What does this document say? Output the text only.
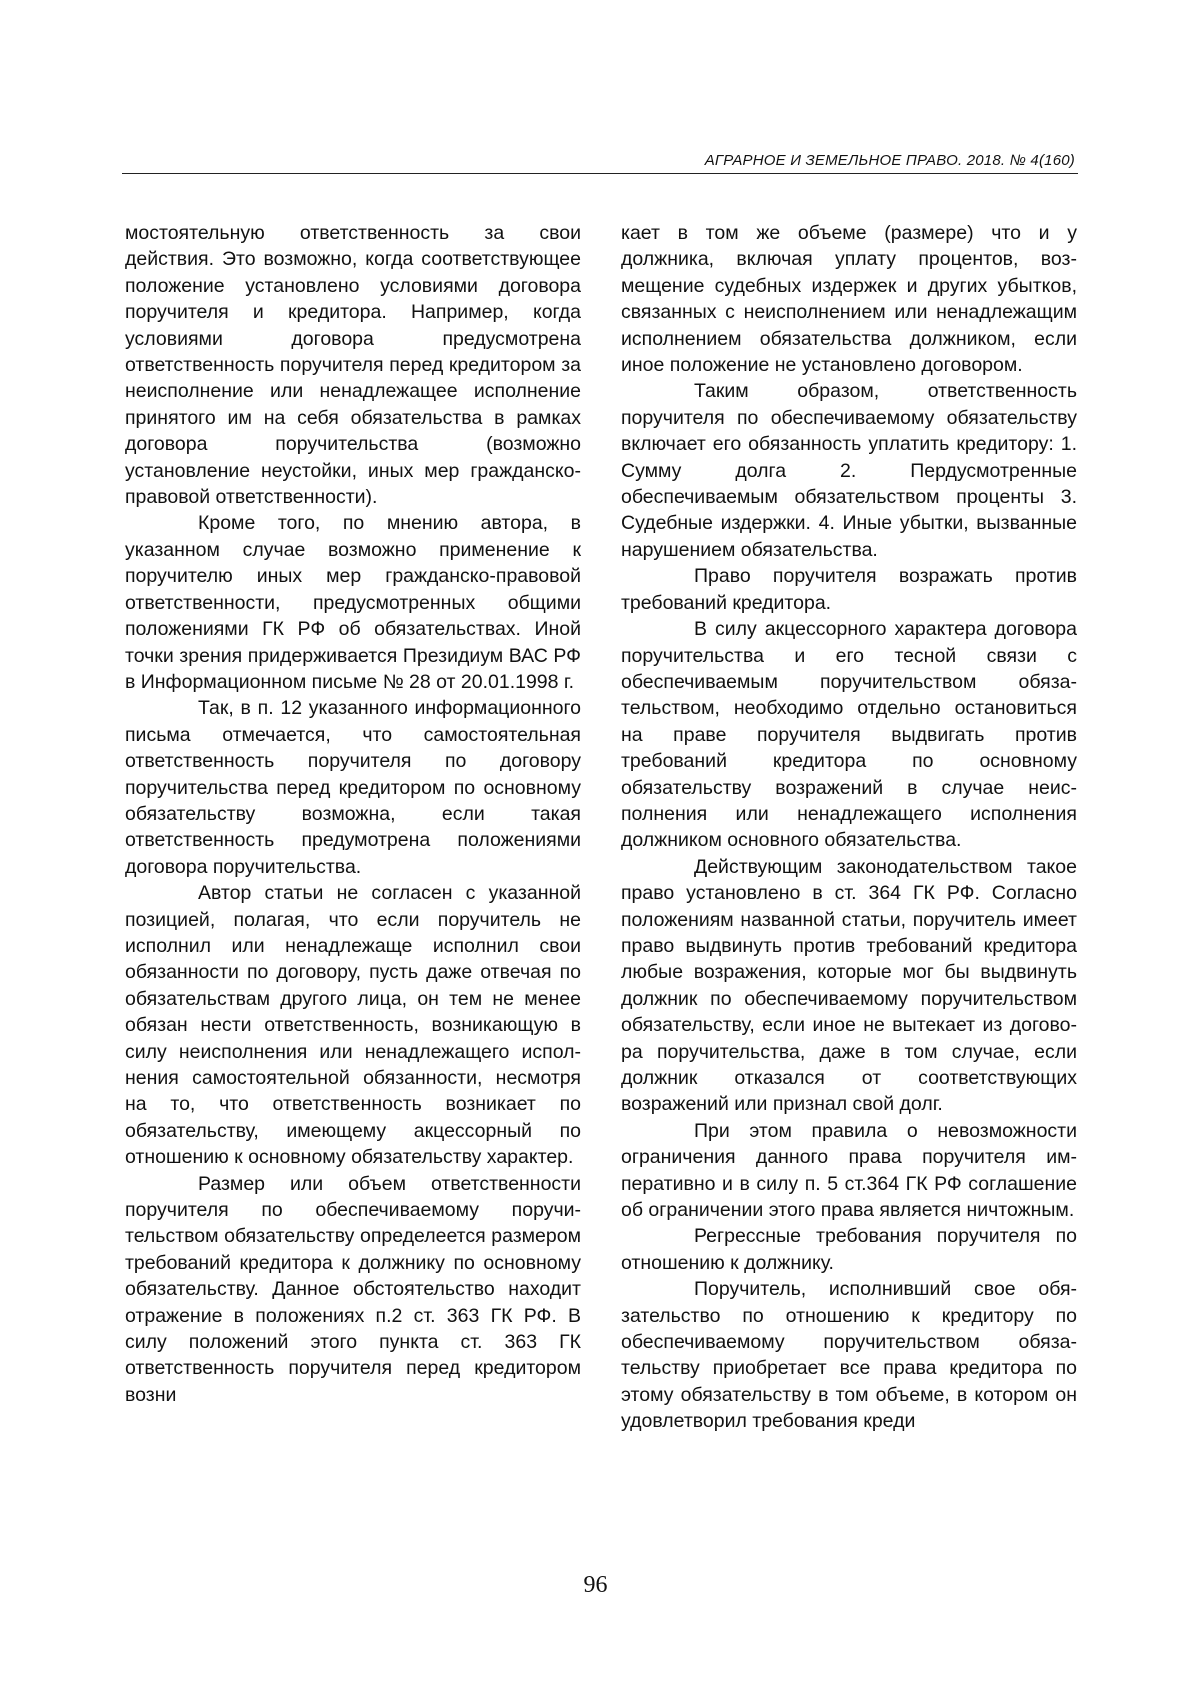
АГРАРНОЕ И ЗЕМЕЛЬНОЕ ПРАВО. 2018. № 4(160)

мостоятельную ответственность за свои действия. Это возможно, когда соответствующее положение установлено условиями договора поручителя и кредитора. Например, когда условиями договора предусмотрена ответственность поручителя перед кредитором за неисполнение или ненадлежащее исполнение принятого им на себя обязательства в рамках договора поручительства (возможно установление неустойки, иных мер гражданско-правовой ответственности).

Кроме того, по мнению автора, в указанном случае возможно применение к поручителю иных мер гражданско-правовой ответственности, предусмотренных общими положениями ГК РФ об обязательствах. Иной точки зрения придерживается Президиум ВАС РФ в Информационном письме № 28 от 20.01.1998 г.

Так, в п. 12 указанного информационного письма отмечается, что самостоятельная ответственность поручителя по договору поручительства перед кредитором по основному обязательству возможна, если такая ответственность предумотрена положениями договора поручительства.

Автор статьи не согласен с указанной позицией, полагая, что если поручитель не исполнил или ненадлежаще исполнил свои обязанности по договору, пусть даже отвечая по обязательствам другого лица, он тем не менее обязан нести ответственность, возникающую в силу неисполнения или ненадлежащего исполнения самостоятельной обязанности, несмотря на то, что ответственность возникает по обязательству, имеющему акцессорный по отношению к основному обязательству характер.

Размер или объем ответственности поручителя по обеспечиваемому поручительством обязательству определеется размером требований кредитора к должнику по основному обязательству. Данное обстоятельство находит отражение в положениях п.2 ст. 363 ГК РФ. В силу положений этого пункта ст. 363 ГК ответственность поручителя перед кредитором возни

кает в том же объеме (размере) что и у должника, включая уплату процентов, возмещение судебных издержек и других убытков, связанных с неисполнением или ненадлежащим исполнением обязательства должником, если иное положение не установлено договором.

Таким образом, ответственность поручителя по обеспечиваемому обязательству включает его обязанность уплатить кредитору: 1. Сумму долга 2. Пердусмотренные обеспечиваемым обязательством проценты 3. Судебные издержки. 4. Иные убытки, вызванные нарушением обязательства.

Право поручителя возражать против требований кредитора.

В силу акцессорного характера договора поручительства и его тесной связи с обеспечиваемым поручительством обязательством, необходимо отдельно остановиться на праве поручителя выдвигать против требований кредитора по основному обязательству возражений в случае неисполнения или ненадлежащего исполнения должником основного обязательства.

Действующим законодательством такое право установлено в ст. 364 ГК РФ. Согласно положениям названной статьи, поручитель имеет право выдвинуть против требований кредитора любые возражения, которые мог бы выдвинуть должник по обеспечиваемому поручительством обязательству, если иное не вытекает из договора поручительства, даже в том случае, если должник отказался от соответствующих возражений или признал свой долг.

При этом правила о невозможности ограничения данного права поручителя императивно и в силу п. 5 ст.364 ГК РФ соглашение об ограничении этого права является ничтожным.

Регрессные требования поручителя по отношению к должнику.

Поручитель, исполнивший свое обязательство по отношению к кредитору по обеспечиваемому поручительством обязательству приобретает все права кредитора по этому обязательству в том объеме, в котором он удовлетворил требования креди

96
